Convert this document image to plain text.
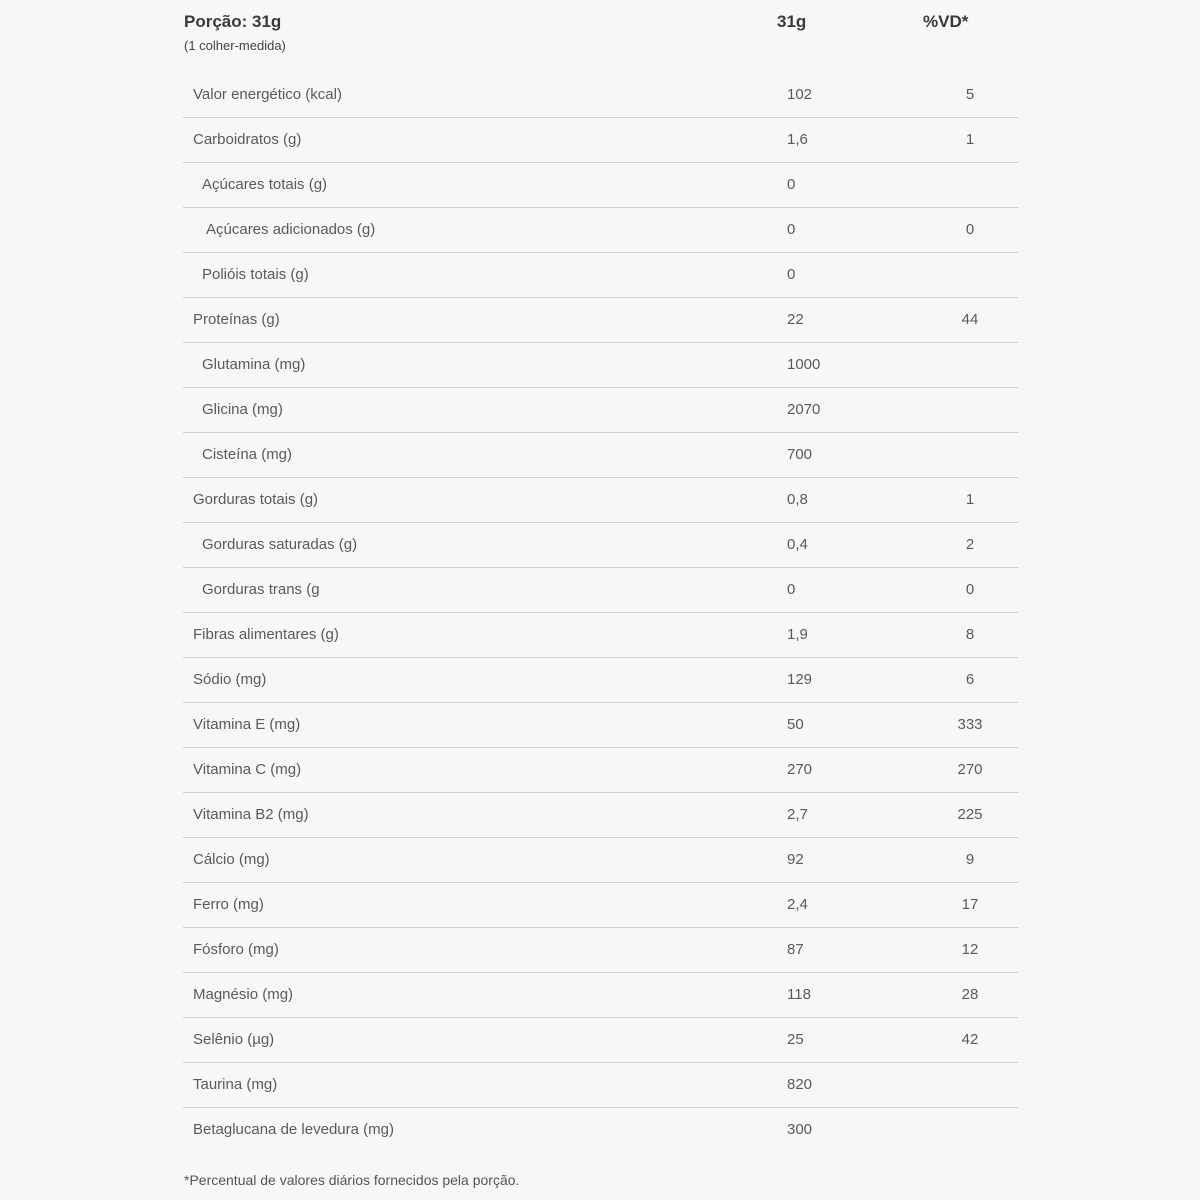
Porção: 31g
(1 colher-medida)
31g	%VD*
Valor energético (kcal)	102	5
Carboidratos (g)	1,6	1
Açúcares totais (g)	0
Açúcares adicionados (g)	0	0
Polióis totais (g)	0
Proteínas (g)	22	44
Glutamina (mg)	1000
Glicina (mg)	2070
Cisteína (mg)	700
Gorduras totais (g)	0,8	1
Gorduras saturadas (g)	0,4	2
Gorduras trans (g	0	0
Fibras alimentares (g)	1,9	8
Sódio (mg)	129	6
Vitamina E (mg)	50	333
Vitamina C (mg)	270	270
Vitamina B2 (mg)	2,7	225
Cálcio (mg)	92	9
Ferro (mg)	2,4	17
Fósforo (mg)	87	12
Magnésio (mg)	118	28
Selênio (µg)	25	42
Taurina (mg)	820
Betaglucana de levedura (mg)	300
*Percentual de valores diários fornecidos pela porção.
